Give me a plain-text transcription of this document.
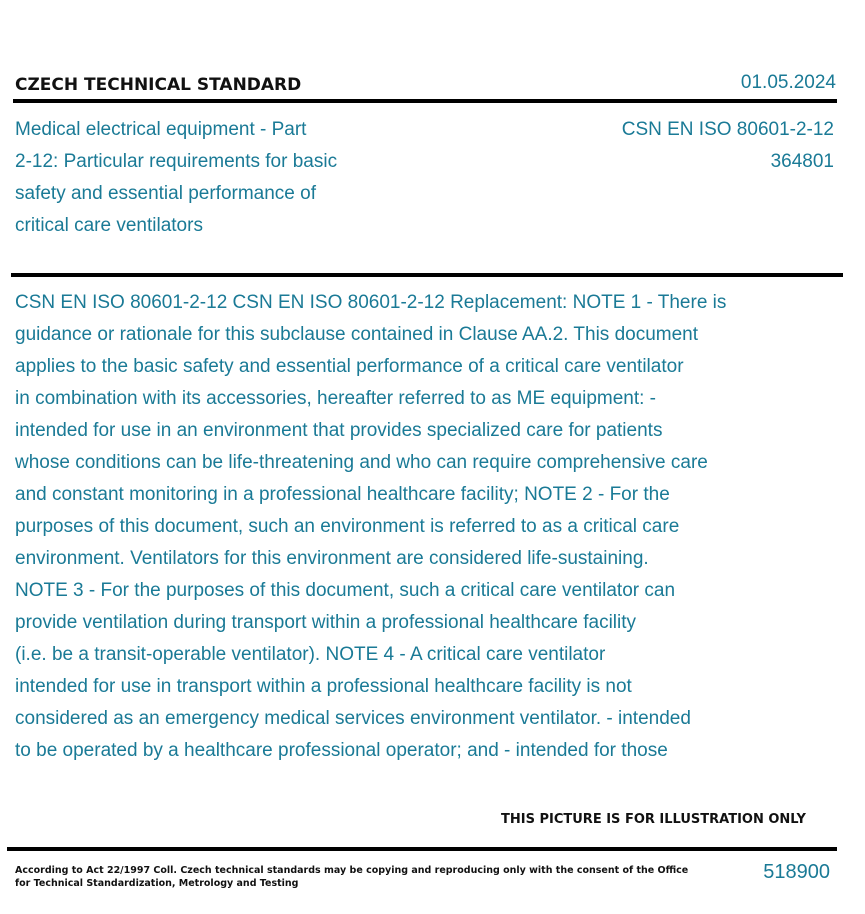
CZECH TECHNICAL STANDARD	01.05.2024
Medical electrical equipment - Part
2-12: Particular requirements for basic
safety and essential performance of
critical care ventilators
CSN EN ISO 80601-2-12
364801
CSN EN ISO 80601-2-12 CSN EN ISO 80601-2-12 Replacement: NOTE 1 - There is
guidance or rationale for this subclause contained in Clause AA.2. This document
applies to the basic safety and essential performance of a critical care ventilator
in combination with its accessories, hereafter referred to as ME equipment: -
intended for use in an environment that provides specialized care for patients
whose conditions can be life-threatening and who can require comprehensive care
and constant monitoring in a professional healthcare facility; NOTE 2 - For the
purposes of this document, such an environment is referred to as a critical care
environment. Ventilators for this environment are considered life-sustaining.
NOTE 3 - For the purposes of this document, such a critical care ventilator can
provide ventilation during transport within a professional healthcare facility
(i.e. be a transit-operable ventilator). NOTE 4 - A critical care ventilator
intended for use in transport within a professional healthcare facility is not
considered as an emergency medical services environment ventilator. - intended
to be operated by a healthcare professional operator; and - intended for those
THIS PICTURE IS FOR ILLUSTRATION ONLY
According to Act 22/1997 Coll. Czech technical standards may be copying and reproducing only with the consent of the Office
for Technical Standardization, Metrology and Testing
518900
